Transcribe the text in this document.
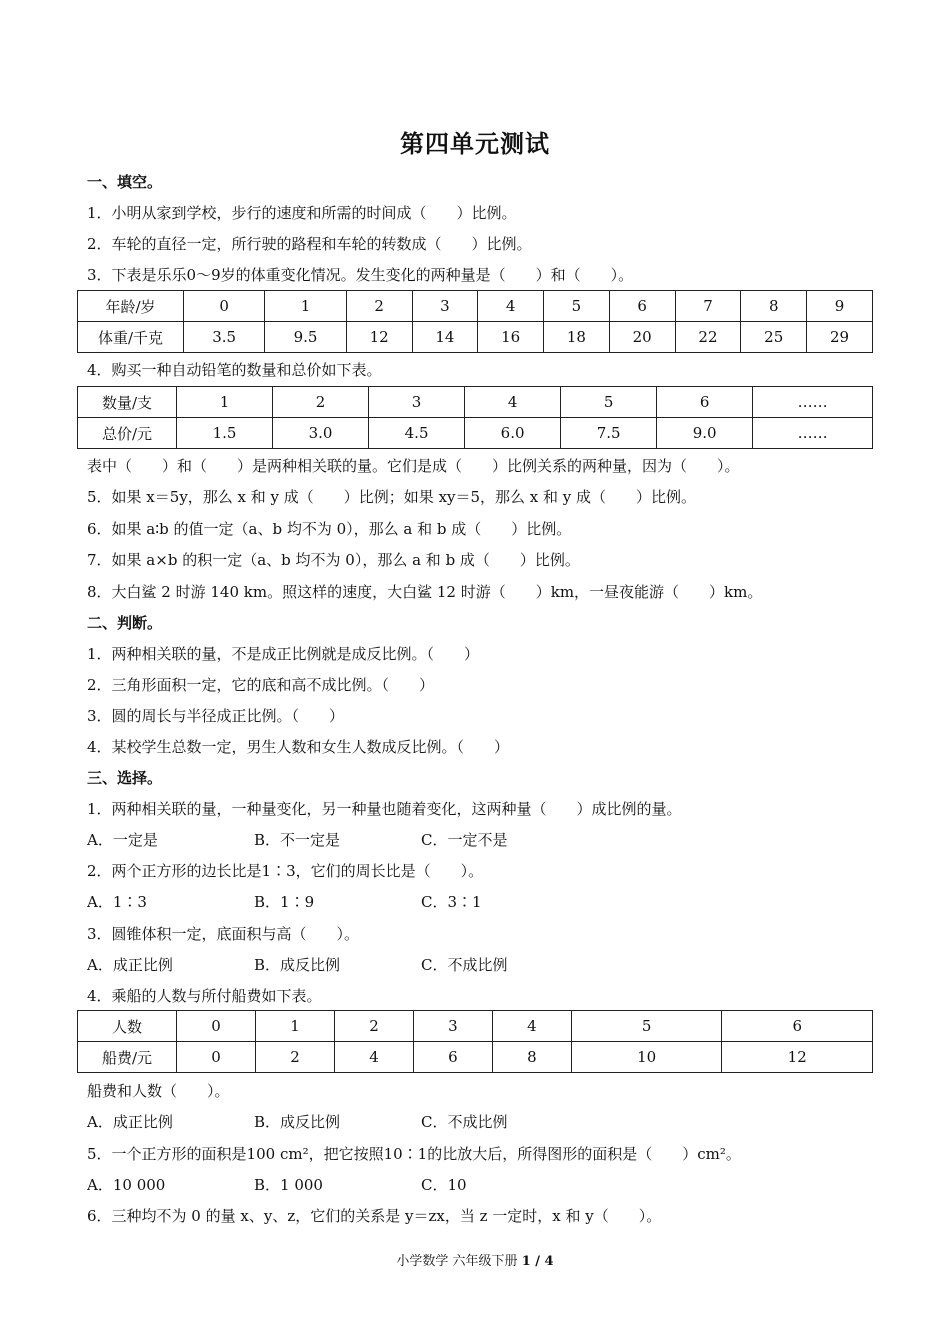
第四单元测试
一、填空。
1．小明从家到学校，步行的速度和所需的时间成（　　）比例。
2．车轮的直径一定，所行驶的路程和车轮的转数成（　　）比例。
3．下表是乐乐0～9岁的体重变化情况。发生变化的两种量是（　　）和（　　）。
年龄/岁	0	1	2	3	4	5	6	7	8	9
体重/千克	3.5	9.5	12	14	16	18	20	22	25	29
4．购买一种自动铅笔的数量和总价如下表。
数量/支	1	2	3	4	5	6	……
总价/元	1.5	3.0	4.5	6.0	7.5	9.0	……
表中（　　）和（　　）是两种相关联的量。它们是成（　　）比例关系的两种量，因为（　　）。
5．如果 x＝5y，那么 x 和 y 成（　　）比例；如果 xy＝5，那么 x 和 y 成（　　）比例。
6．如果 a∶b 的值一定（a、b 均不为 0），那么 a 和 b 成（　　）比例。
7．如果 a×b 的积一定（a、b 均不为 0），那么 a 和 b 成（　　）比例。
8．大白鲨 2 时游 140 km。照这样的速度，大白鲨 12 时游（　　）km，一昼夜能游（　　）km。
二、判断。
1．两种相关联的量，不是成正比例就是成反比例。（　　）
2．三角形面积一定，它的底和高不成比例。（　　）
3．圆的周长与半径成正比例。（　　）
4．某校学生总数一定，男生人数和女生人数成反比例。（　　）
三、选择。
1．两种相关联的量，一种量变化，另一种量也随着变化，这两种量（　　）成比例的量。
A．一定是	B．不一定是	C．一定不是
2．两个正方形的边长比是1∶3，它们的周长比是（　　）。
A．1∶3	B．1∶9	C．3∶1
3．圆锥体积一定，底面积与高（　　）。
A．成正比例	B．成反比例	C．不成比例
4．乘船的人数与所付船费如下表。
人数	0	1	2	3	4	5	6
船费/元	0	2	4	6	8	10	12
船费和人数（　　）。
A．成正比例	B．成反比例	C．不成比例
5．一个正方形的面积是100 cm²，把它按照10∶1的比放大后，所得图形的面积是（　　）cm²。
A．10 000	B．1 000	C．10
6．三种均不为 0 的量 x、y、z，它们的关系是 y＝zx，当 z 一定时，x 和 y（　　）。
小学数学 六年级下册 1 / 4
